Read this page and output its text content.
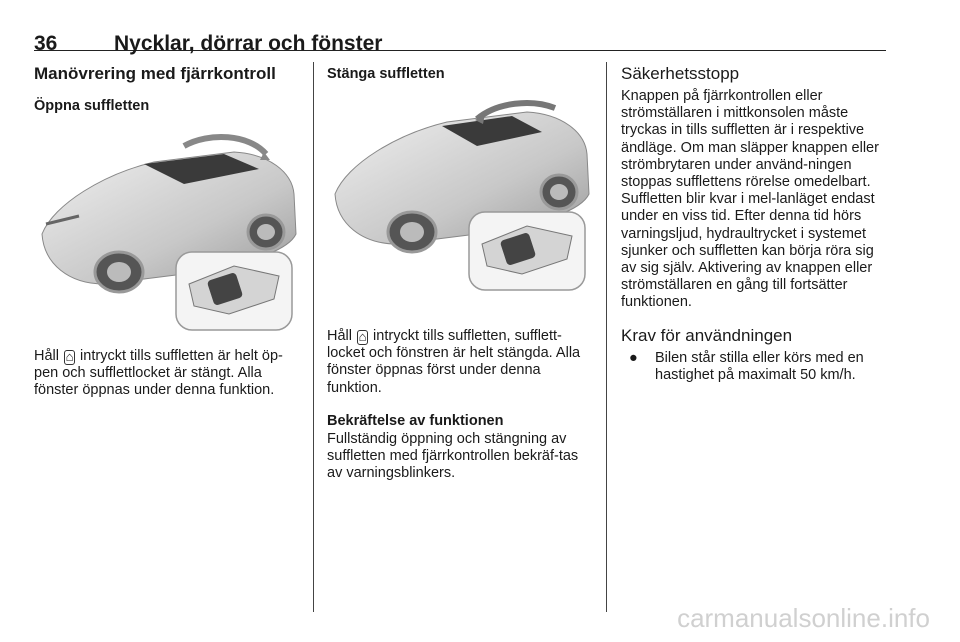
36	Nycklar, dörrar och fönster
Manövrering med fjärrkontroll
Öppna suffletten

Håll ⌂ intryckt tills suffletten är helt öp-pen och sufflettlocket är stängt. Alla fönster öppnas under denna funktion.

Stänga suffletten

Håll ⌂ intryckt tills suffletten, sufflett-locket och fönstren är helt stängda. Alla fönster öppnas först under denna funktion.

Bekräftelse av funktionen

Fullständig öppning och stängning av suffletten med fjärrkontrollen bekräf-tas av varningsblinkers.

Säkerhetsstopp

Knappen på fjärrkontrollen eller strömställaren i mittkonsolen måste tryckas in tills suffletten är i respektive ändläge. Om man släpper knappen eller strömbrytaren under använd-ningen stoppas sufflettens rörelse omedelbart. Suffletten blir kvar i mel-lanläget endast under en viss tid. Efter denna tid hörs varningsljud, hydraultrycket i systemet sjunker och suffletten kan börja röra sig av sig själv. Aktivering av knappen eller strömställaren en gång till fortsätter funktionen.

Krav för användningen
●	Bilen står stilla eller körs med en hastighet på maximalt 50 km/h.
carmanualsonline.info
